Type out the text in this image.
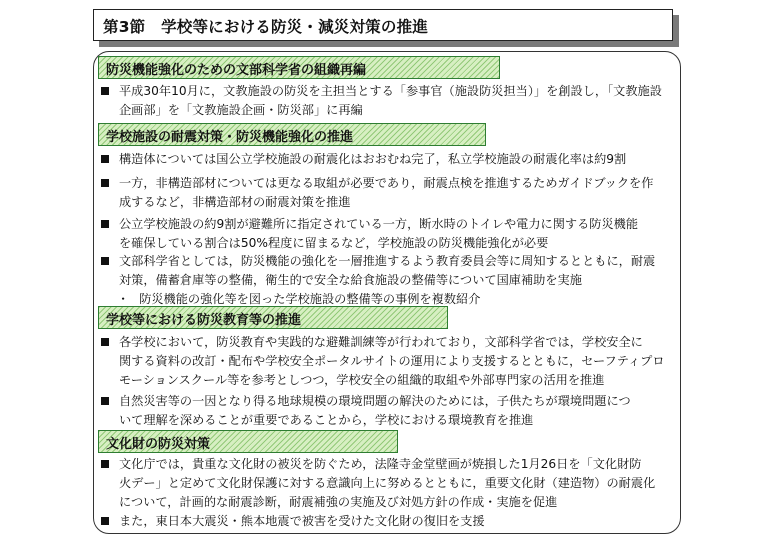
第3節　学校等における防災・減災対策の推進
防災機能強化のための文部科学省の組織再編
平成30年10月に，文教施設の防災を主担当とする「参事官（施設防災担当）」を創設し，「文教施設
企画部」を「文教施設企画・防災部」に再編
学校施設の耐震対策・防災機能強化の推進
構造体については国公立学校施設の耐震化はおおむね完了，私立学校施設の耐震化率は約9割
一方，非構造部材については更なる取組が必要であり，耐震点検を推進するためガイドブックを作
成するなど，非構造部材の耐震対策を推進
公立学校施設の約9割が避難所に指定されている一方，断水時のトイレや電力に関する防災機能
を確保している割合は50%程度に留まるなど，学校施設の防災機能強化が必要
文部科学省としては，防災機能の強化を一層推進するよう教育委員会等に周知するとともに，耐震
対策，備蓄倉庫等の整備，衛生的で安全な給食施設の整備等について国庫補助を実施
・ 防災機能の強化等を図った学校施設の整備等の事例を複数紹介
学校等における防災教育等の推進
各学校において，防災教育や実践的な避難訓練等が行われており，文部科学省では，学校安全に
関する資料の改訂・配布や学校安全ポータルサイトの運用により支援するとともに，セーフティプロ
モーションスクール等を参考としつつ，学校安全の組織的取組や外部専門家の活用を推進
自然災害等の一因となり得る地球規模の環境問題の解決のためには，子供たちが環境問題につ
いて理解を深めることが重要であることから，学校における環境教育を推進
文化財の防災対策
文化庁では，貴重な文化財の被災を防ぐため，法隆寺金堂壁画が焼損した1月26日を「文化財防
火デー」と定めて文化財保護に対する意識向上に努めるとともに，重要文化財（建造物）の耐震化
について，計画的な耐震診断，耐震補強の実施及び対処方針の作成・実施を促進
また，東日本大震災・熊本地震で被害を受けた文化財の復旧を支援
